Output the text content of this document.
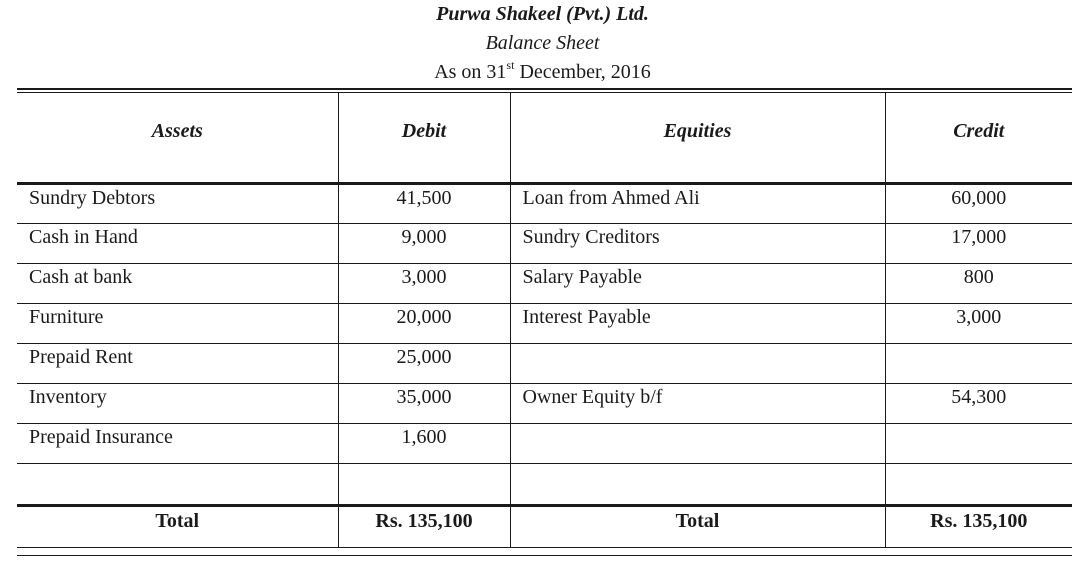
Purwa Shakeel (Pvt.) Ltd.
Balance Sheet
As on 31st December, 2016
Assets	Debit	Equities	Credit
Sundry Debtors	41,500	Loan from Ahmed Ali	60,000
Cash in Hand	9,000	Sundry Creditors	17,000
Cash at bank	3,000	Salary Payable	800
Furniture	20,000	Interest Payable	3,000
Prepaid Rent	25,000		
Inventory	35,000	Owner Equity b/f	54,300
Prepaid Insurance	1,600		

Total	Rs. 135,100	Total	Rs. 135,100
